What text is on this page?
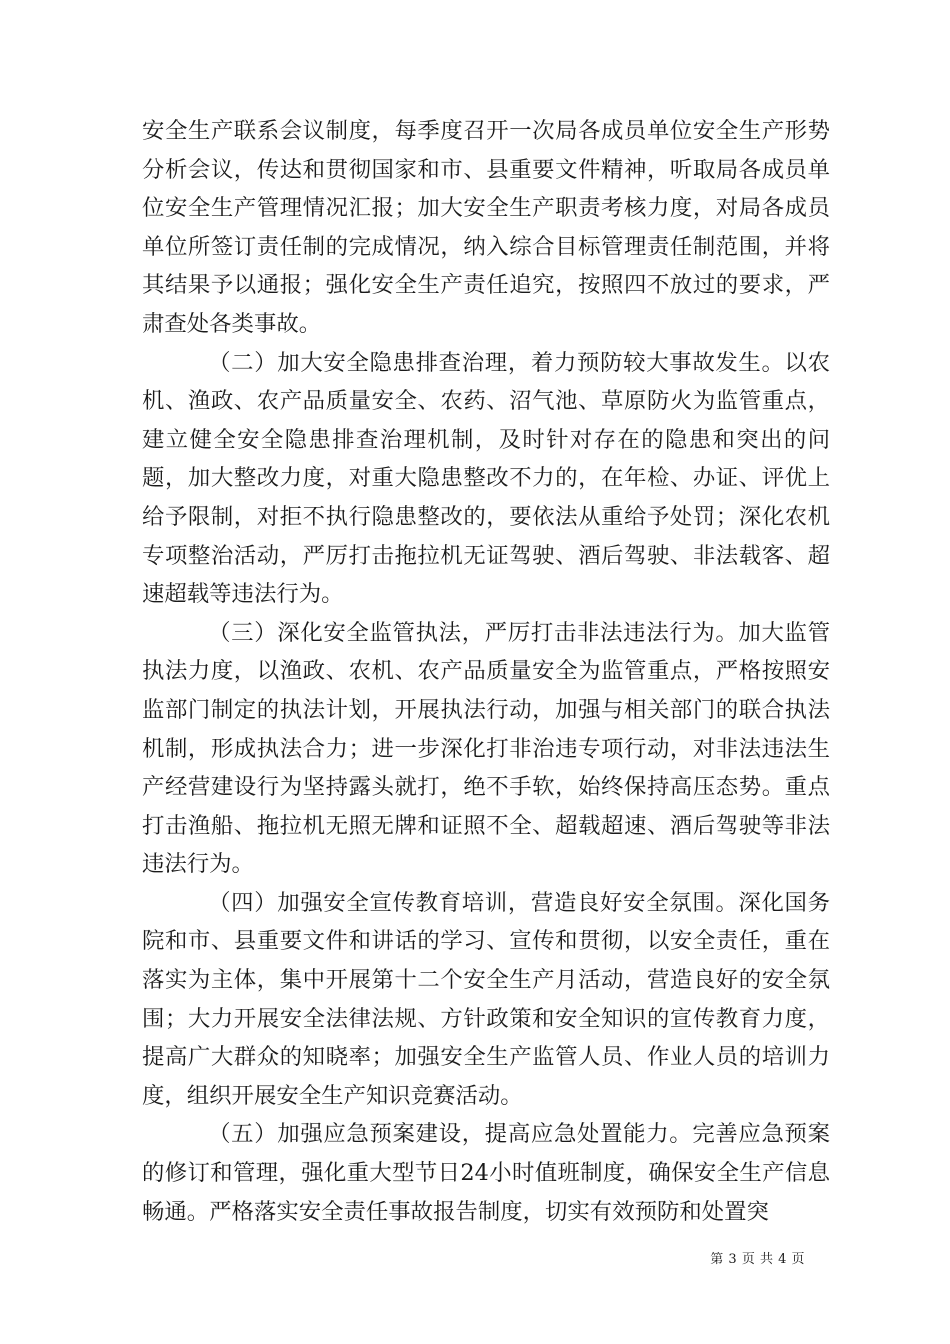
安全生产联系会议制度，每季度召开一次局各成员单位安全生产形势分析会议，传达和贯彻国家和市、县重要文件精神，听取局各成员单位安全生产管理情况汇报；加大安全生产职责考核力度，对局各成员单位所签订责任制的完成情况，纳入综合目标管理责任制范围，并将其结果予以通报；强化安全生产责任追究，按照四不放过的要求，严肃查处各类事故。

（二）加大安全隐患排查治理，着力预防较大事故发生。以农机、渔政、农产品质量安全、农药、沼气池、草原防火为监管重点，建立健全安全隐患排查治理机制，及时针对存在的隐患和突出的问题，加大整改力度，对重大隐患整改不力的，在年检、办证、评优上给予限制，对拒不执行隐患整改的，要依法从重给予处罚；深化农机专项整治活动，严厉打击拖拉机无证驾驶、酒后驾驶、非法载客、超速超载等违法行为。

（三）深化安全监管执法，严厉打击非法违法行为。加大监管执法力度，以渔政、农机、农产品质量安全为监管重点，严格按照安监部门制定的执法计划，开展执法行动，加强与相关部门的联合执法机制，形成执法合力；进一步深化打非治违专项行动，对非法违法生产经营建设行为坚持露头就打，绝不手软，始终保持高压态势。重点打击渔船、拖拉机无照无牌和证照不全、超载超速、酒后驾驶等非法违法行为。

（四）加强安全宣传教育培训，营造良好安全氛围。深化国务院和市、县重要文件和讲话的学习、宣传和贯彻，以安全责任，重在落实为主体，集中开展第十二个安全生产月活动，营造良好的安全氛围；大力开展安全法律法规、方针政策和安全知识的宣传教育力度，提高广大群众的知晓率；加强安全生产监管人员、作业人员的培训力度，组织开展安全生产知识竞赛活动。

（五）加强应急预案建设，提高应急处置能力。完善应急预案的修订和管理，强化重大型节日24小时值班制度，确保安全生产信息畅通。严格落实安全责任事故报告制度，切实有效预防和处置突

第 3 页 共 4 页
